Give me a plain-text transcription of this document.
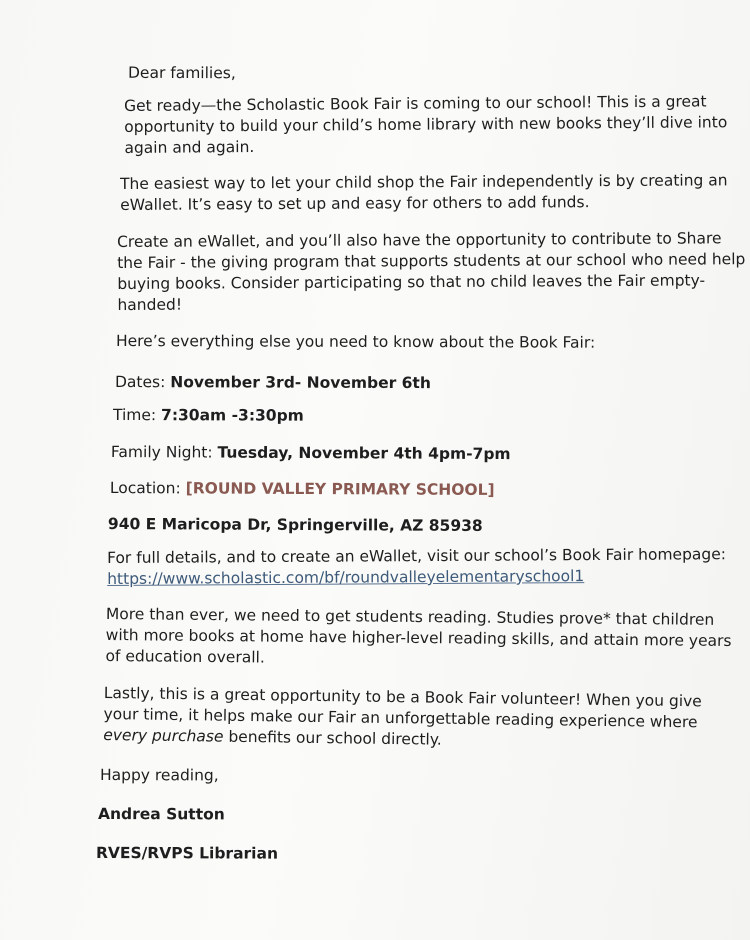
Dear families,

Get ready—the Scholastic Book Fair is coming to our school! This is a great
opportunity to build your child’s home library with new books they’ll dive into
again and again.

The easiest way to let your child shop the Fair independently is by creating an
eWallet. It’s easy to set up and easy for others to add funds.

Create an eWallet, and you’ll also have the opportunity to contribute to Share
the Fair - the giving program that supports students at our school who need help
buying books. Consider participating so that no child leaves the Fair empty-
handed!

Here’s everything else you need to know about the Book Fair:

Dates: November 3rd- November 6th

Time: 7:30am -3:30pm

Family Night: Tuesday, November 4th 4pm-7pm

Location: [ROUND VALLEY PRIMARY SCHOOL]

940 E Maricopa Dr, Springerville, AZ 85938

For full details, and to create an eWallet, visit our school’s Book Fair homepage:
https://www.scholastic.com/bf/roundvalleyelementaryschool1

More than ever, we need to get students reading. Studies prove* that children
with more books at home have higher-level reading skills, and attain more years
of education overall.

Lastly, this is a great opportunity to be a Book Fair volunteer! When you give
your time, it helps make our Fair an unforgettable reading experience where
every purchase benefits our school directly.

Happy reading,

Andrea Sutton

RVES/RVPS Librarian
